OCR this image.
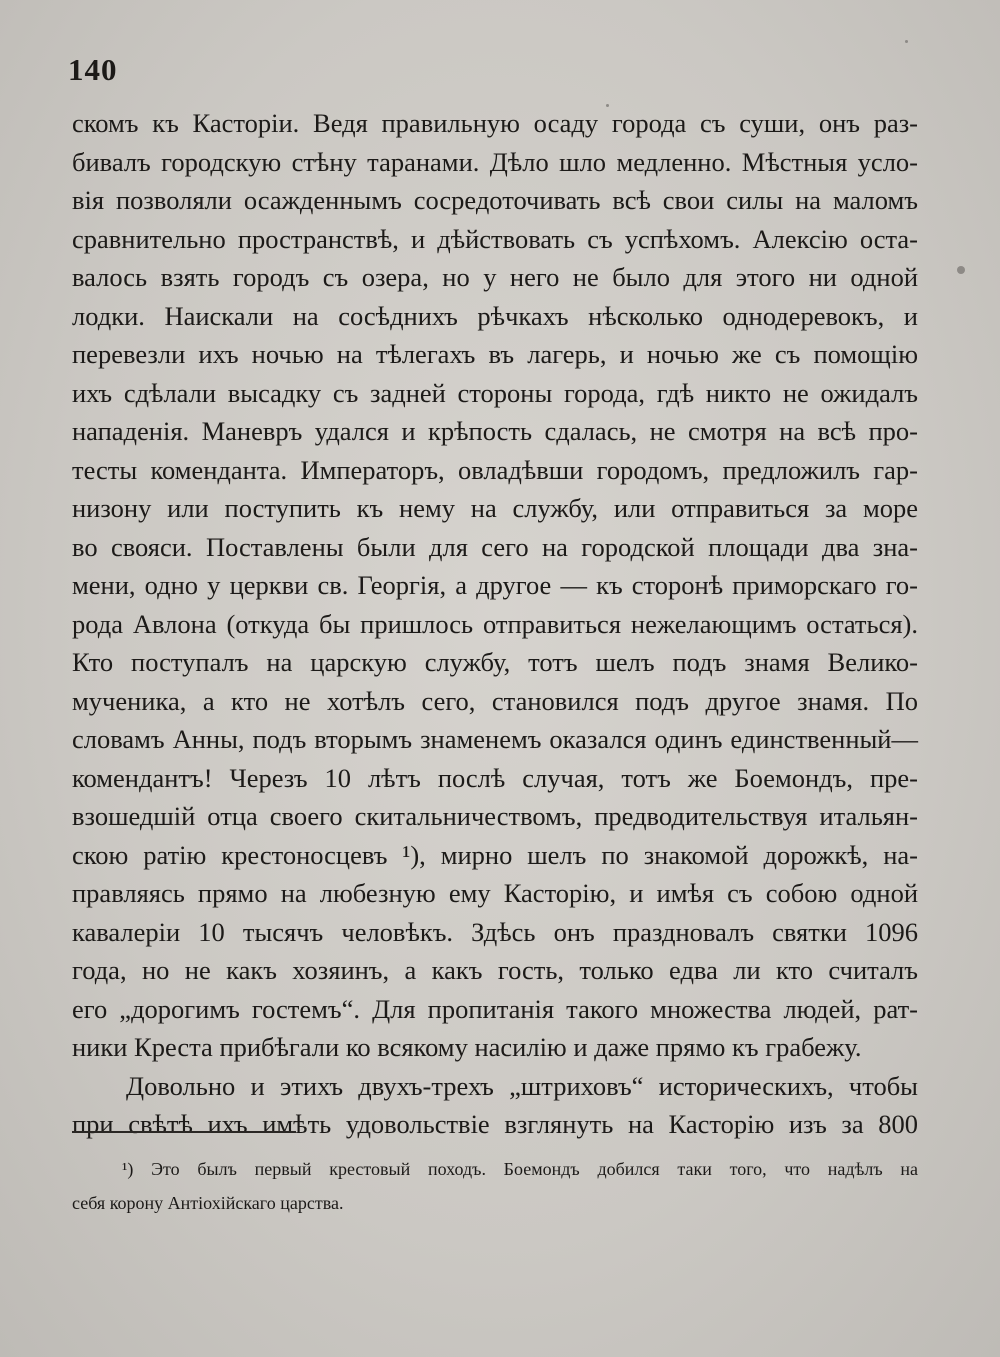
140
скомъ къ Касторіи. Ведя правильную осаду города съ суши, онъ раз-
бивалъ городскую стѣну таранами. Дѣло шло медленно. Мѣстныя усло-
вія позволяли осажденнымъ сосредоточивать всѣ свои силы на маломъ
сравнительно пространствѣ, и дѣйствовать съ успѣхомъ. Алексію оста-
валось взять городъ съ озера, но у него не было для этого ни одной
лодки. Наискали на сосѣднихъ рѣчкахъ нѣсколько однодеревокъ, и
перевезли ихъ ночью на тѣлегахъ въ лагерь, и ночью же съ помощію
ихъ сдѣлали высадку съ задней стороны города, гдѣ никто не ожидалъ
нападенія. Маневръ удался и крѣпость сдалась, не смотря на всѣ про-
тесты коменданта. Императоръ, овладѣвши городомъ, предложилъ гар-
низону или поступить къ нему на службу, или отправиться за море
во свояси. Поставлены были для сего на городской площади два зна-
мени, одно у церкви св. Георгія, а другое — къ сторонѣ приморскаго го-
рода Авлона (откуда бы пришлось отправиться нежелающимъ остаться).
Кто поступалъ на царскую службу, тотъ шелъ подъ знамя Велико-
мученика, а кто не хотѣлъ сего, становился подъ другое знамя. По
словамъ Анны, подъ вторымъ знаменемъ оказался одинъ единственный—
комендантъ! Черезъ 10 лѣтъ послѣ случая, тотъ же Боемондъ, пре-
взошедшій отца своего скитальничествомъ, предводительствуя итальян-
скою ратію крестоносцевъ ¹), мирно шелъ по знакомой дорожкѣ, на-
правляясь прямо на любезную ему Касторію, и имѣя съ собою одной
кавалеріи 10 тысячъ человѣкъ. Здѣсь онъ праздновалъ святки 1096
года, но не какъ хозяинъ, а какъ гость, только едва ли кто считалъ
его „дорогимъ гостемъ“. Для пропитанія такого множества людей, рат-
ники Креста прибѣгали ко всякому насилію и даже прямо къ грабежу.
Довольно и этихъ двухъ-трехъ „штриховъ“ историческихъ, чтобы
при свѣтѣ ихъ имѣть удовольствіе взглянуть на Касторію изъ за 800
¹) Это былъ первый крестовый походъ. Боемондъ добился таки того, что надѣлъ на
себя корону Антіохійскаго царства.
